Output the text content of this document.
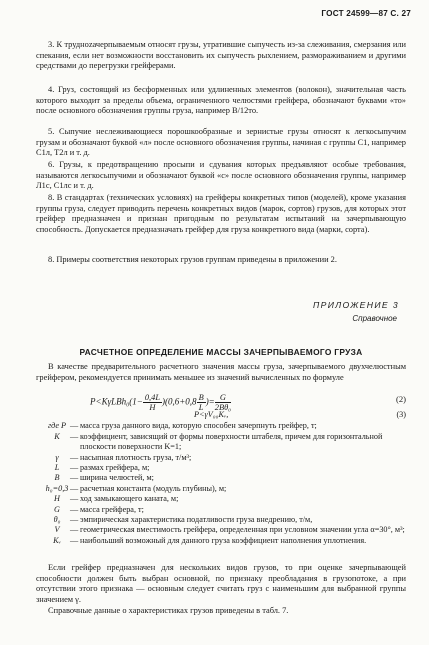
ГОСТ 24599—87 С. 27

3. К трудноzачерпываемым относят грузы, утратившие сыпучесть из-за слеживания, смерзания или спекания, если нет возможности восстановить их сыпучесть рыхлением, размораживанием и другими средствами до перегрузки грейферами.

4. Груз, состоящий из бесформенных или удлиненных элементов (волокон), значительная часть которого выходит за пределы объема, ограниченного челюстями грейфера, обозначают буквами «то» после основного обозначения группы груза, например В/12то.

5. Сыпучие неслеживающиеся порошкообразные и зернистые грузы относят к легкосыпучим грузам и обозначают буквой «л» после основного обозначения группы, начиная с группы С1, например С1л, Т2л и т. д.

6. Грузы, к предотвращению просыпи и сдувания которых предъявляют особые требования, называются легкосыпучими и обозначают буквой «с» после основного обозначения группы, например Л1с, С1лс и т. д.

8. В стандартах (технических условиях) на грейферы конкретных типов (моделей), кроме указания группы груза, следует приводить перечень конкретных видов (марок, сортов) грузов, для которых этот грейфер предназначен и признан пригодным по результатам испытаний на зачерпывающую способность. Допускается предназначать грейфер для груза конкретного вида (марки, сорта).

8. Примеры соответствия некоторых грузов группам приведены в приложении 2.

ПРИЛОЖЕНИЕ 3
Справочное
РАСЧЕТНОЕ ОПРЕДЕЛЕНИЕ МАССЫ ЗАЧЕРПЫВАЕМОГО ГРУЗА

В качестве предварительного расчетного значения массы груза, зачерпываемого двухчелюстным грейфером, рекомендуется принимать меньшее из значений вычисленных по формуле

$P<K\gamma LBh_0(1- \frac{0,4L}{H} )(0,6+0,8 \frac{B}{L}$ )= $\frac{G}{\text{2Bθ₀}}$	(2)
P<γV₀₀Kᵥ,	(3)
где P — масса груза данного вида, которую способен зачерпнуть грейфер, т;
K	— коэффициент, зависящий от формы поверхности штабеля, причем для горизонтальной плоскости поверхности K=1;
γ	— насыпная плотность груза, т/м³;
L	— размах грейфера, м;
B	— ширина челюстей, м;
h₀=0,3 — расчетная константа (модуль глубины), м;
H	— ход замыкающего каната, м;
G	— масса грейфера, т;
θ₀	— эмпирическая характеристика податливости груза внедрению, т/м,
V	— геометрическая вместимость грейфера, определенная при условном значении угла α=30°, м³;
Kᵥ	— наибольший возможный для данного груза коэффициент наполнения уплотнения.

Если грейфер предназначен для нескольких видов грузов, то при оценке зачерпывающей способности должен быть выбран основной, по признаку преобладания в грузопотоке, а при отсутствии этого признака — основным следует считать груз с наименьшим для выбранной группы значением γ.

Справочные данные о характеристиках грузов приведены в табл. 7.
